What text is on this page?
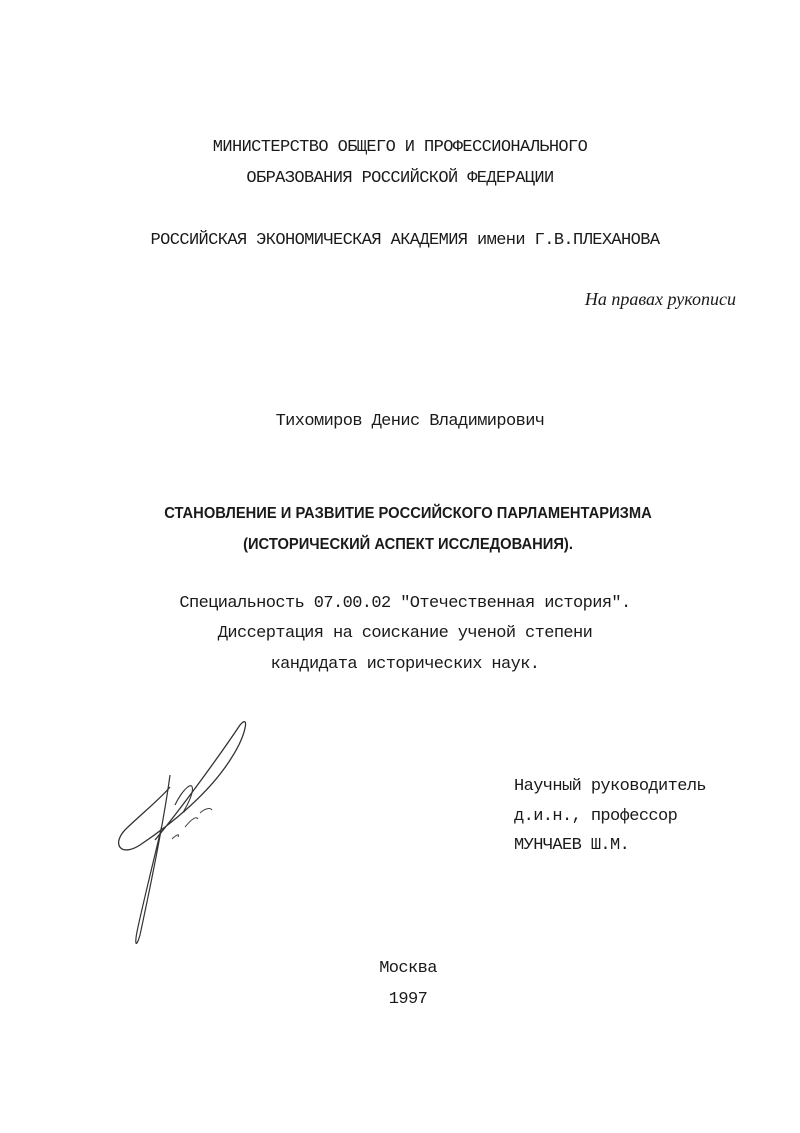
МИНИСТЕРСТВО ОБЩЕГО И ПРОФЕССИОНАЛЬНОГО
ОБРАЗОВАНИЯ РОССИЙСКОЙ ФЕДЕРАЦИИ
РОССИЙСКАЯ ЭКОНОМИЧЕСКАЯ АКАДЕМИЯ имени Г.В.ПЛЕХАНОВА
На правах рукописи
Тихомиров Денис Владимирович
СТАНОВЛЕНИЕ И РАЗВИТИЕ РОССИЙСКОГО ПАРЛАМЕНТАРИЗМА
(ИСТОРИЧЕСКИЙ АСПЕКТ ИССЛЕДОВАНИЯ).
Специальность 07.00.02 "Отечественная история".
Диссертация на соискание ученой степени
кандидата исторических наук.
Научный руководитель
д.и.н., профессор
МУНЧАЕВ Ш.М.
Москва
1997
